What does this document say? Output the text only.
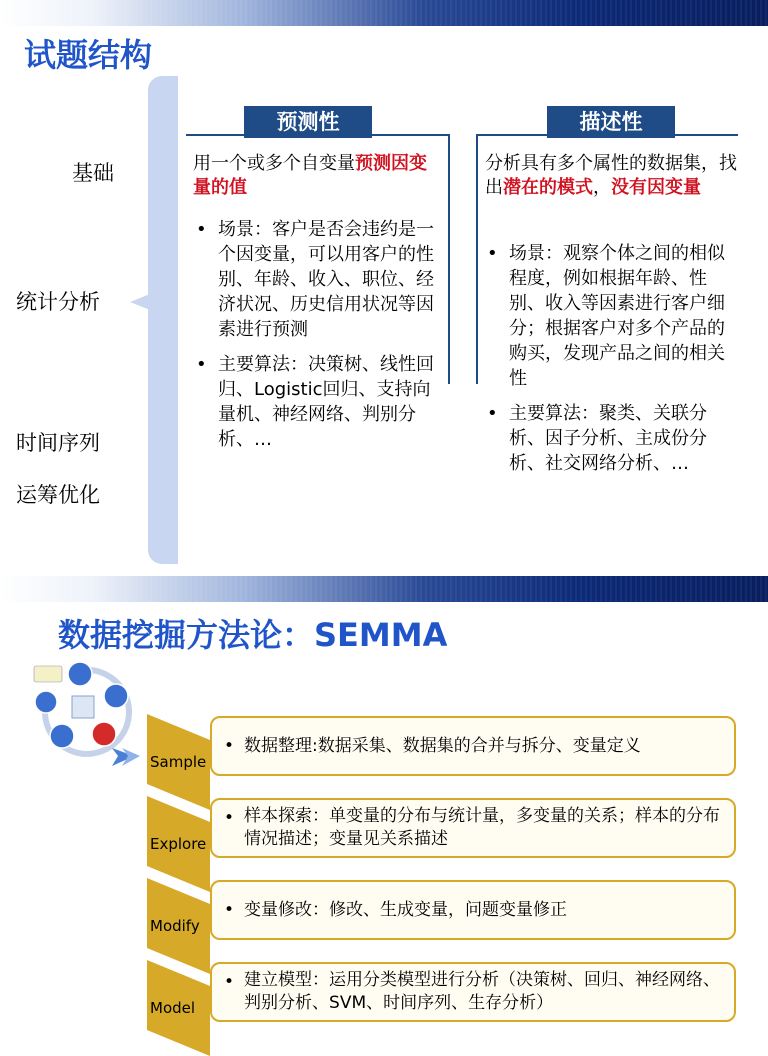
试题结构
基础
统计分析
时间序列
运筹优化
预测性
用一个或多个自变量预测因变量的值
• 场景：客户是否会违约是一个因变量，可以用客户的性别、年龄、收入、职位、经济状况、历史信用状况等因素进行预测
• 主要算法：决策树、线性回归、Logistic回归、支持向量机、神经网络、判别分析、…
描述性
分析具有多个属性的数据集，找出潜在的模式，没有因变量
• 场景：观察个体之间的相似程度，例如根据年龄、性别、收入等因素进行客户细分；根据客户对多个产品的购买，发现产品之间的相关性
• 主要算法：聚类、关联分析、因子分析、主成份分析、社交网络分析、…
数据挖掘方法论：SEMMA
Sample
• 数据整理:数据采集、数据集的合并与拆分、变量定义
Explore
• 样本探索：单变量的分布与统计量，多变量的关系；样本的分布情况描述；变量见关系描述
Modify
• 变量修改：修改、生成变量，问题变量修正
Model
• 建立模型：运用分类模型进行分析（决策树、回归、神经网络、判别分析、SVM、时间序列、生存分析）
